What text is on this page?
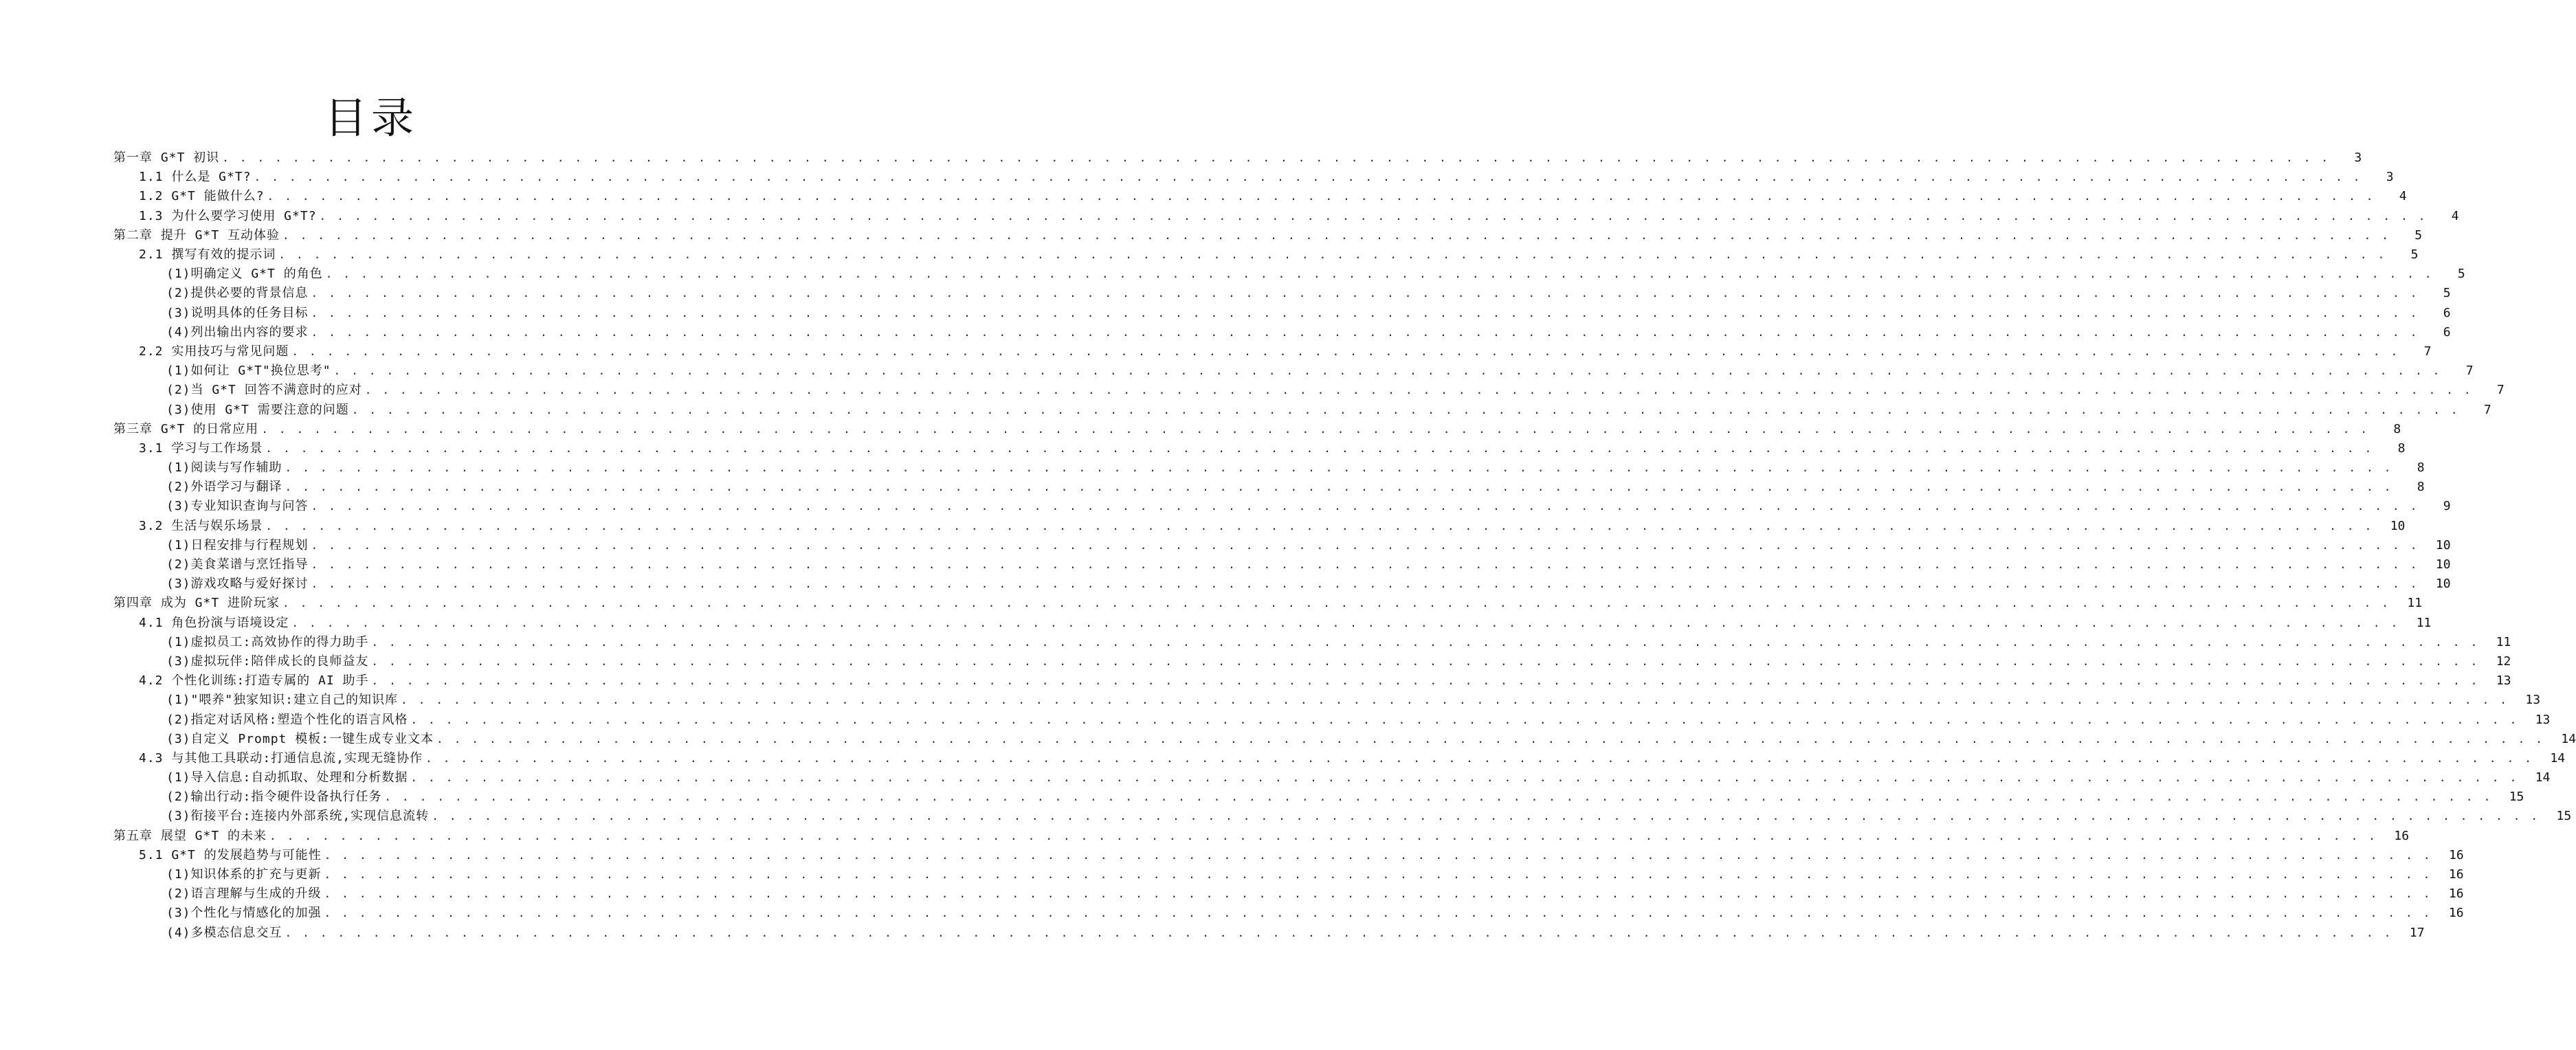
目录
第一章 G*T 初识 . . . . . . . . . . . . . . . . . . . . . . . . . . . . . . . . . . . . . . . . . . . . . . . . . . . . . . . . . . . . . . . . . . . . . . . . . . . . . . . . . . . . . . . . . . . . . . . . . . . . . . . . . . . . . . . . . . . . . . . .	3
1.1 什么是 G*T? . . . . . . . . . . . . . . . . . . . . . . . . . . . . . . . . . . . . . . . . . . . . . . . . . . . . . . . . . . . . . . . . . . . . . . . . . . . . . . . . . . . . . . . . . . . . . . . . . . . . . . . . . . . . . . . . . . . . . . . .	3
1.2 G*T 能做什么? . . . . . . . . . . . . . . . . . . . . . . . . . . . . . . . . . . . . . . . . . . . . . . . . . . . . . . . . . . . . . . . . . . . . . . . . . . . . . . . . . . . . . . . . . . . . . . . . . . . . . . . . . . . . . . . . . . . . . . . .	4
1.3 为什么要学习使用 G*T? . . . . . . . . . . . . . . . . . . . . . . . . . . . . . . . . . . . . . . . . . . . . . . . . . . . . . . . . . . . . . . . . . . . . . . . . . . . . . . . . . . . . . . . . . . . . . . . . . . . . . . . . . . . . . . . . . . . . . . . .	4
第二章 提升 G*T 互动体验 . . . . . . . . . . . . . . . . . . . . . . . . . . . . . . . . . . . . . . . . . . . . . . . . . . . . . . . . . . . . . . . . . . . . . . . . . . . . . . . . . . . . . . . . . . . . . . . . . . . . . . . . . . . . . . . . . . . . . . . .	5
2.1 撰写有效的提示词 . . . . . . . . . . . . . . . . . . . . . . . . . . . . . . . . . . . . . . . . . . . . . . . . . . . . . . . . . . . . . . . . . . . . . . . . . . . . . . . . . . . . . . . . . . . . . . . . . . . . . . . . . . . . . . . . . . . . . . . .	5
(1)明确定义 G*T 的角色 . . . . . . . . . . . . . . . . . . . . . . . . . . . . . . . . . . . . . . . . . . . . . . . . . . . . . . . . . . . . . . . . . . . . . . . . . . . . . . . . . . . . . . . . . . . . . . . . . . . . . . . . . . . . . . . . . . . . . . . .	5
(2)提供必要的背景信息 . . . . . . . . . . . . . . . . . . . . . . . . . . . . . . . . . . . . . . . . . . . . . . . . . . . . . . . . . . . . . . . . . . . . . . . . . . . . . . . . . . . . . . . . . . . . . . . . . . . . . . . . . . . . . . . . . . . . . . . .	5
(3)说明具体的任务目标 . . . . . . . . . . . . . . . . . . . . . . . . . . . . . . . . . . . . . . . . . . . . . . . . . . . . . . . . . . . . . . . . . . . . . . . . . . . . . . . . . . . . . . . . . . . . . . . . . . . . . . . . . . . . . . . . . . . . . . . .	6
(4)列出输出内容的要求 . . . . . . . . . . . . . . . . . . . . . . . . . . . . . . . . . . . . . . . . . . . . . . . . . . . . . . . . . . . . . . . . . . . . . . . . . . . . . . . . . . . . . . . . . . . . . . . . . . . . . . . . . . . . . . . . . . . . . . . .	6
2.2 实用技巧与常见问题 . . . . . . . . . . . . . . . . . . . . . . . . . . . . . . . . . . . . . . . . . . . . . . . . . . . . . . . . . . . . . . . . . . . . . . . . . . . . . . . . . . . . . . . . . . . . . . . . . . . . . . . . . . . . . . . . . . . . . . . .	7
(1)如何让 G*T"换位思考" . . . . . . . . . . . . . . . . . . . . . . . . . . . . . . . . . . . . . . . . . . . . . . . . . . . . . . . . . . . . . . . . . . . . . . . . . . . . . . . . . . . . . . . . . . . . . . . . . . . . . . . . . . . . . . . . . . . . . . . .	7
(2)当 G*T 回答不满意时的应对 . . . . . . . . . . . . . . . . . . . . . . . . . . . . . . . . . . . . . . . . . . . . . . . . . . . . . . . . . . . . . . . . . . . . . . . . . . . . . . . . . . . . . . . . . . . . . . . . . . . . . . . . . . . . . . . . . . . . . . . .	7
(3)使用 G*T 需要注意的问题 . . . . . . . . . . . . . . . . . . . . . . . . . . . . . . . . . . . . . . . . . . . . . . . . . . . . . . . . . . . . . . . . . . . . . . . . . . . . . . . . . . . . . . . . . . . . . . . . . . . . . . . . . . . . . . . . . . . . . . . .	7
第三章 G*T 的日常应用 . . . . . . . . . . . . . . . . . . . . . . . . . . . . . . . . . . . . . . . . . . . . . . . . . . . . . . . . . . . . . . . . . . . . . . . . . . . . . . . . . . . . . . . . . . . . . . . . . . . . . . . . . . . . . . . . . . . . . . . .	8
3.1 学习与工作场景 . . . . . . . . . . . . . . . . . . . . . . . . . . . . . . . . . . . . . . . . . . . . . . . . . . . . . . . . . . . . . . . . . . . . . . . . . . . . . . . . . . . . . . . . . . . . . . . . . . . . . . . . . . . . . . . . . . . . . . . .	8
(1)阅读与写作辅助 . . . . . . . . . . . . . . . . . . . . . . . . . . . . . . . . . . . . . . . . . . . . . . . . . . . . . . . . . . . . . . . . . . . . . . . . . . . . . . . . . . . . . . . . . . . . . . . . . . . . . . . . . . . . . . . . . . . . . . . .	8
(2)外语学习与翻译 . . . . . . . . . . . . . . . . . . . . . . . . . . . . . . . . . . . . . . . . . . . . . . . . . . . . . . . . . . . . . . . . . . . . . . . . . . . . . . . . . . . . . . . . . . . . . . . . . . . . . . . . . . . . . . . . . . . . . . . .	8
(3)专业知识查询与问答 . . . . . . . . . . . . . . . . . . . . . . . . . . . . . . . . . . . . . . . . . . . . . . . . . . . . . . . . . . . . . . . . . . . . . . . . . . . . . . . . . . . . . . . . . . . . . . . . . . . . . . . . . . . . . . . . . . . . . . . .	9
3.2 生活与娱乐场景 . . . . . . . . . . . . . . . . . . . . . . . . . . . . . . . . . . . . . . . . . . . . . . . . . . . . . . . . . . . . . . . . . . . . . . . . . . . . . . . . . . . . . . . . . . . . . . . . . . . . . . . . . . . . . . . . . . . . . . . .	10
(1)日程安排与行程规划 . . . . . . . . . . . . . . . . . . . . . . . . . . . . . . . . . . . . . . . . . . . . . . . . . . . . . . . . . . . . . . . . . . . . . . . . . . . . . . . . . . . . . . . . . . . . . . . . . . . . . . . . . . . . . . . . . . . . . . . .	10
(2)美食菜谱与烹饪指导 . . . . . . . . . . . . . . . . . . . . . . . . . . . . . . . . . . . . . . . . . . . . . . . . . . . . . . . . . . . . . . . . . . . . . . . . . . . . . . . . . . . . . . . . . . . . . . . . . . . . . . . . . . . . . . . . . . . . . . . .	10
(3)游戏攻略与爱好探讨 . . . . . . . . . . . . . . . . . . . . . . . . . . . . . . . . . . . . . . . . . . . . . . . . . . . . . . . . . . . . . . . . . . . . . . . . . . . . . . . . . . . . . . . . . . . . . . . . . . . . . . . . . . . . . . . . . . . . . . . .	10
第四章 成为 G*T 进阶玩家 . . . . . . . . . . . . . . . . . . . . . . . . . . . . . . . . . . . . . . . . . . . . . . . . . . . . . . . . . . . . . . . . . . . . . . . . . . . . . . . . . . . . . . . . . . . . . . . . . . . . . . . . . . . . . . . . . . . . . . . .	11
4.1 角色扮演与语境设定 . . . . . . . . . . . . . . . . . . . . . . . . . . . . . . . . . . . . . . . . . . . . . . . . . . . . . . . . . . . . . . . . . . . . . . . . . . . . . . . . . . . . . . . . . . . . . . . . . . . . . . . . . . . . . . . . . . . . . . . .	11
(1)虚拟员工:高效协作的得力助手 . . . . . . . . . . . . . . . . . . . . . . . . . . . . . . . . . . . . . . . . . . . . . . . . . . . . . . . . . . . . . . . . . . . . . . . . . . . . . . . . . . . . . . . . . . . . . . . . . . . . . . . . . . . . . . . . . . . . . . . .	11
(3)虚拟玩伴:陪伴成长的良师益友 . . . . . . . . . . . . . . . . . . . . . . . . . . . . . . . . . . . . . . . . . . . . . . . . . . . . . . . . . . . . . . . . . . . . . . . . . . . . . . . . . . . . . . . . . . . . . . . . . . . . . . . . . . . . . . . . . . . . . . . .	12
4.2 个性化训练:打造专属的 AI 助手 . . . . . . . . . . . . . . . . . . . . . . . . . . . . . . . . . . . . . . . . . . . . . . . . . . . . . . . . . . . . . . . . . . . . . . . . . . . . . . . . . . . . . . . . . . . . . . . . . . . . . . . . . . . . . . . . . . . . . . . .	13
(1)"喂养"独家知识:建立自己的知识库 . . . . . . . . . . . . . . . . . . . . . . . . . . . . . . . . . . . . . . . . . . . . . . . . . . . . . . . . . . . . . . . . . . . . . . . . . . . . . . . . . . . . . . . . . . . . . . . . . . . . . . . . . . . . . . . . . . . . . . . .	13
(2)指定对话风格:塑造个性化的语言风格 . . . . . . . . . . . . . . . . . . . . . . . . . . . . . . . . . . . . . . . . . . . . . . . . . . . . . . . . . . . . . . . . . . . . . . . . . . . . . . . . . . . . . . . . . . . . . . . . . . . . . . . . . . . . . . . . . . . . . . . .	13
(3)自定义 Prompt 模板:一键生成专业文本 . . . . . . . . . . . . . . . . . . . . . . . . . . . . . . . . . . . . . . . . . . . . . . . . . . . . . . . . . . . . . . . . . . . . . . . . . . . . . . . . . . . . . . . . . . . . . . . . . . . . . . . . . . . . . . . . . . . . . . . .	14
4.3 与其他工具联动:打通信息流,实现无缝协作 . . . . . . . . . . . . . . . . . . . . . . . . . . . . . . . . . . . . . . . . . . . . . . . . . . . . . . . . . . . . . . . . . . . . . . . . . . . . . . . . . . . . . . . . . . . . . . . . . . . . . . . . . . . . . . . . . . . . . . . .	14
(1)导入信息:自动抓取、处理和分析数据 . . . . . . . . . . . . . . . . . . . . . . . . . . . . . . . . . . . . . . . . . . . . . . . . . . . . . . . . . . . . . . . . . . . . . . . . . . . . . . . . . . . . . . . . . . . . . . . . . . . . . . . . . . . . . . . . . . . . . . . .	14
(2)输出行动:指令硬件设备执行任务 . . . . . . . . . . . . . . . . . . . . . . . . . . . . . . . . . . . . . . . . . . . . . . . . . . . . . . . . . . . . . . . . . . . . . . . . . . . . . . . . . . . . . . . . . . . . . . . . . . . . . . . . . . . . . . . . . . . . . . . .	15
(3)衔接平台:连接内外部系统,实现信息流转 . . . . . . . . . . . . . . . . . . . . . . . . . . . . . . . . . . . . . . . . . . . . . . . . . . . . . . . . . . . . . . . . . . . . . . . . . . . . . . . . . . . . . . . . . . . . . . . . . . . . . . . . . . . . . . . . . . . . . . . .	15
第五章 展望 G*T 的未来 . . . . . . . . . . . . . . . . . . . . . . . . . . . . . . . . . . . . . . . . . . . . . . . . . . . . . . . . . . . . . . . . . . . . . . . . . . . . . . . . . . . . . . . . . . . . . . . . . . . . . . . . . . . . . . . . . . . . . . . .	16
5.1 G*T 的发展趋势与可能性 . . . . . . . . . . . . . . . . . . . . . . . . . . . . . . . . . . . . . . . . . . . . . . . . . . . . . . . . . . . . . . . . . . . . . . . . . . . . . . . . . . . . . . . . . . . . . . . . . . . . . . . . . . . . . . . . . . . . . . . .	16
(1)知识体系的扩充与更新 . . . . . . . . . . . . . . . . . . . . . . . . . . . . . . . . . . . . . . . . . . . . . . . . . . . . . . . . . . . . . . . . . . . . . . . . . . . . . . . . . . . . . . . . . . . . . . . . . . . . . . . . . . . . . . . . . . . . . . . .	16
(2)语言理解与生成的升级 . . . . . . . . . . . . . . . . . . . . . . . . . . . . . . . . . . . . . . . . . . . . . . . . . . . . . . . . . . . . . . . . . . . . . . . . . . . . . . . . . . . . . . . . . . . . . . . . . . . . . . . . . . . . . . . . . . . . . . . .	16
(3)个性化与情感化的加强 . . . . . . . . . . . . . . . . . . . . . . . . . . . . . . . . . . . . . . . . . . . . . . . . . . . . . . . . . . . . . . . . . . . . . . . . . . . . . . . . . . . . . . . . . . . . . . . . . . . . . . . . . . . . . . . . . . . . . . . .	16
(4)多模态信息交互 . . . . . . . . . . . . . . . . . . . . . . . . . . . . . . . . . . . . . . . . . . . . . . . . . . . . . . . . . . . . . . . . . . . . . . . . . . . . . . . . . . . . . . . . . . . . . . . . . . . . . . . . . . . . . . . . . . . . . . . .	17
